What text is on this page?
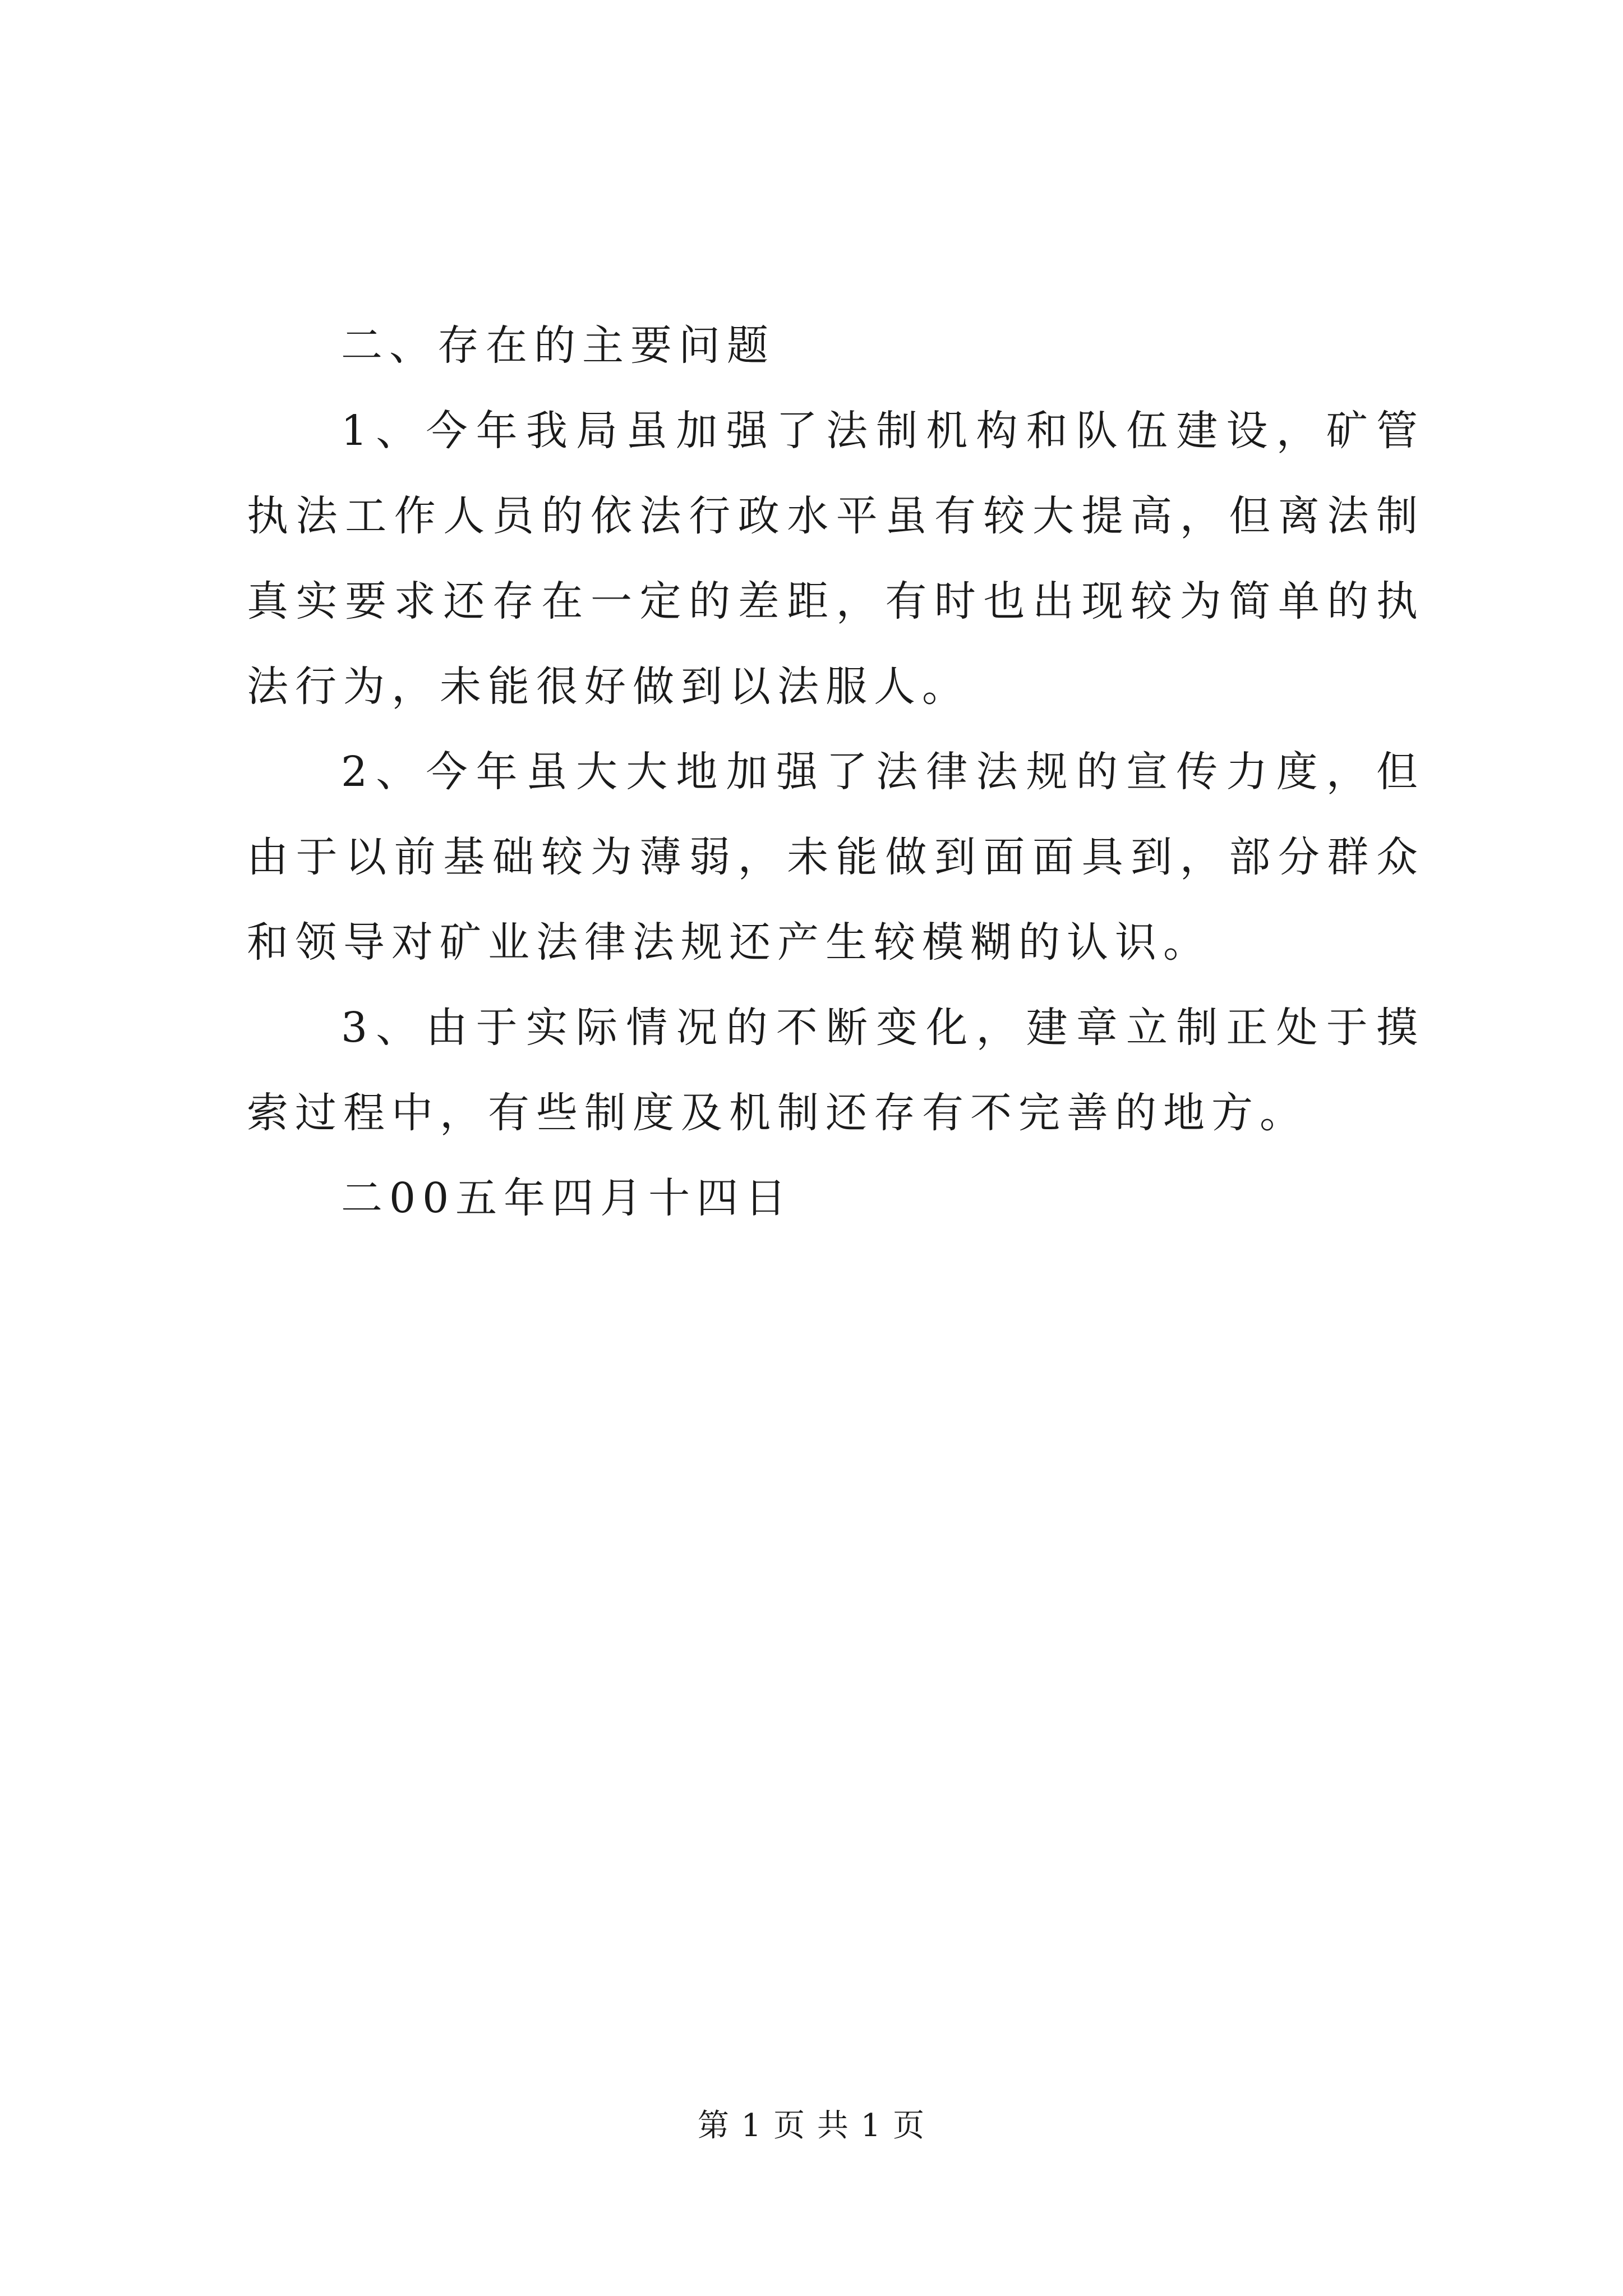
二、存在的主要问题

1、今年我局虽加强了法制机构和队伍建设，矿管执法工作人员的依法行政水平虽有较大提高，但离法制真实要求还存在一定的差距，有时也出现较为简单的执法行为，未能很好做到以法服人。

2、今年虽大大地加强了法律法规的宣传力度，但由于以前基础较为薄弱，未能做到面面具到，部分群众和领导对矿业法律法规还产生较模糊的认识。

3、由于实际情况的不断变化，建章立制正处于摸索过程中，有些制度及机制还存有不完善的地方。

二00五年四月十四日

第 1 页 共 1 页
